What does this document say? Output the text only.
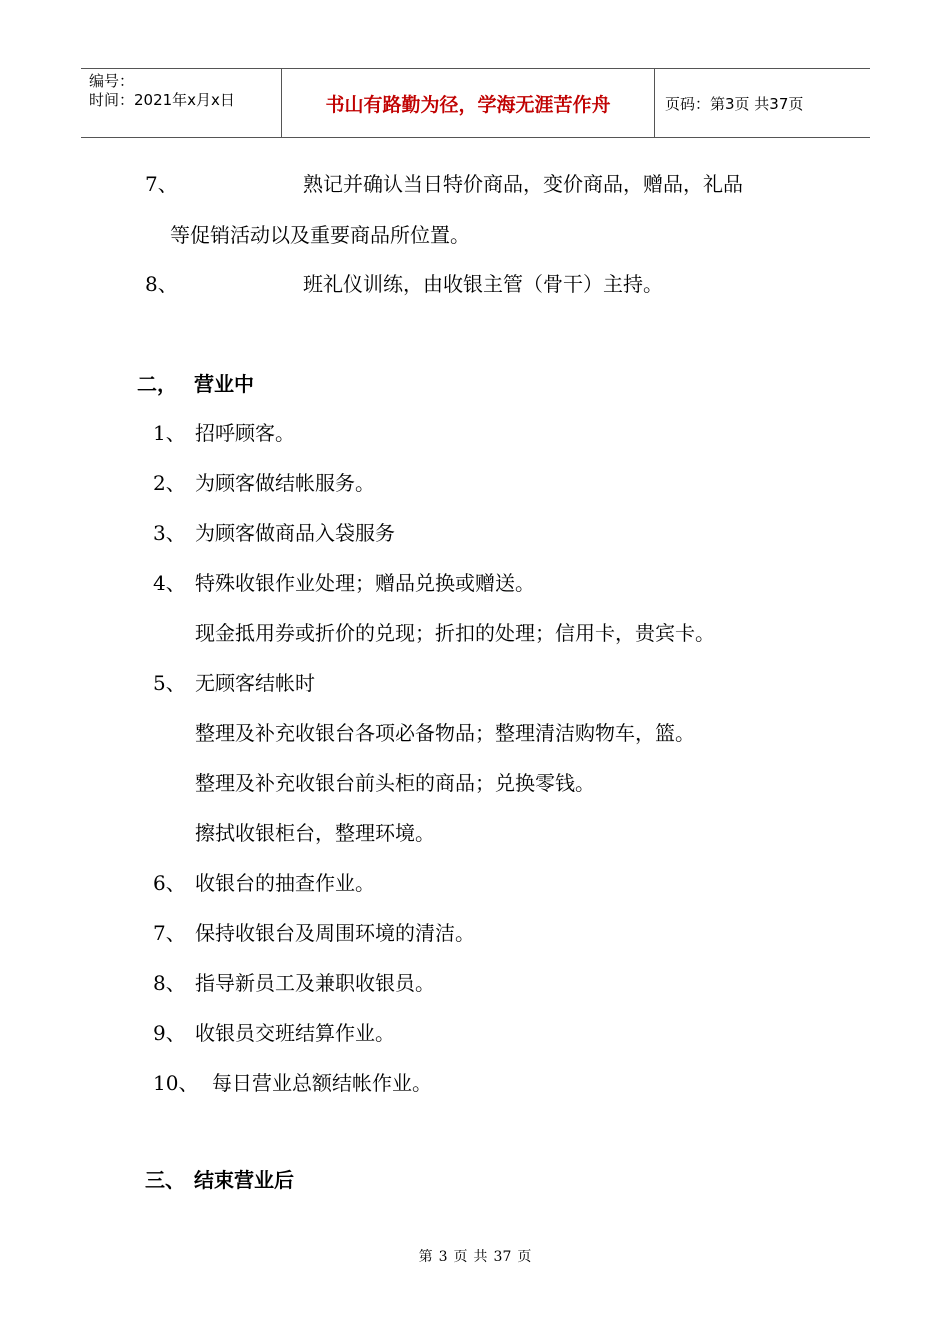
编号：
时间：2021年x月x日	书山有路勤为径，学海无涯苦作舟	页码：第3页 共37页
7、	熟记并确认当日特价商品，变价商品，赠品，礼品
等促销活动以及重要商品所位置。
8、	班礼仪训练，由收银主管（骨干）主持。
二， 营业中
1、 招呼顾客。
2、 为顾客做结帐服务。
3、 为顾客做商品入袋服务
4、 特殊收银作业处理；赠品兑换或赠送。
现金抵用券或折价的兑现；折扣的处理；信用卡，贵宾卡。
5、 无顾客结帐时
整理及补充收银台各项必备物品；整理清洁购物车，篮。
整理及补充收银台前头柜的商品；兑换零钱。
擦拭收银柜台，整理环境。
6、 收银台的抽查作业。
7、 保持收银台及周围环境的清洁。
8、 指导新员工及兼职收银员。
9、 收银员交班结算作业。
10、 每日营业总额结帐作业。
三、 结束营业后
第 3 页 共 37 页
